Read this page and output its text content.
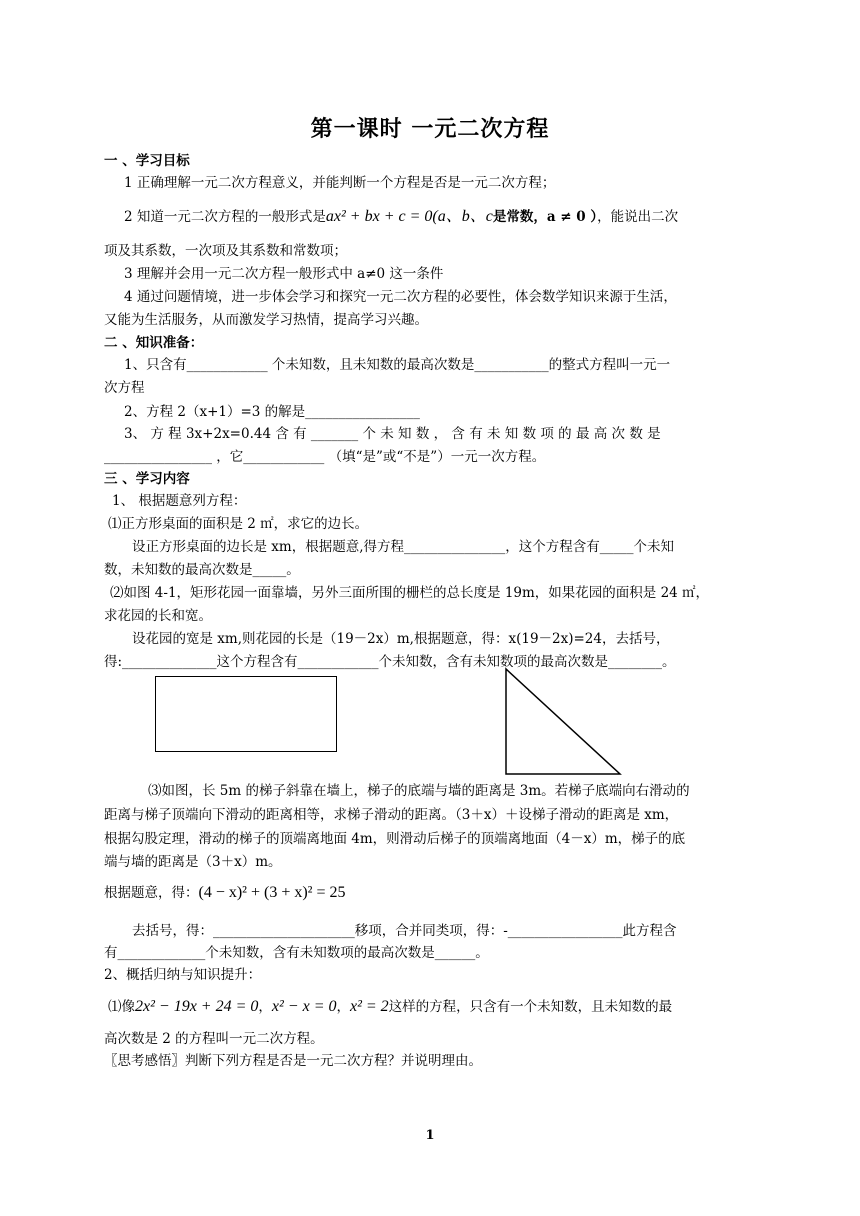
第一课时 一元二次方程
一 、学习目标
1 正确理解一元二次方程意义，并能判断一个方程是否是一元二次方程；
2 知道一元二次方程的一般形式是ax² + bx + c = 0(a、b、c是常数，a ≠ 0 ），能说出二次
项及其系数，一次项及其系数和常数项；
3 理解并会用一元二次方程一般形式中 a≠0 这一条件
4 通过问题情境，进一步体会学习和探究一元二次方程的必要性，体会数学知识来源于生活，
又能为生活服务，从而激发学习热情，提高学习兴趣。
二 、知识准备：
1、只含有____________ 个未知数，且未知数的最高次数是___________的整式方程叫一元一
次方程
2、方程 2（x+1）=3 的解是_________________
3、 方 程 3x+2x=0.44 含 有 _______ 个 未 知 数 ， 含 有 未 知 数 项 的 最 高 次 数 是
________________ ，它____________ （填“是”或“不是”）一元一次方程。
三 、学习内容
1、 根据题意列方程：
⑴正方形桌面的面积是 2 ㎡，求它的边长。
设正方形桌面的边长是 xm，根据题意,得方程_______________，这个方程含有_____个未知
数，未知数的最高次数是_____。
⑵如图 4-1，矩形花园一面靠墙，另外三面所围的栅栏的总长度是 19m，如果花园的面积是 24 ㎡，
求花园的长和宽。
设花园的宽是 xm,则花园的长是（19－2x）m,根据题意，得：x(19－2x)=24，去括号，
得:______________这个方程含有____________个未知数，含有未知数项的最高次数是________。
⑶如图，长 5m 的梯子斜靠在墙上，梯子的底端与墙的距离是 3m。若梯子底端向右滑动的
距离与梯子顶端向下滑动的距离相等，求梯子滑动的距离。（3＋x）＋设梯子滑动的距离是 xm，
根据勾股定理，滑动的梯子的顶端离地面 4m，则滑动后梯子的顶端离地面（4－x）m，梯子的底
端与墙的距离是（3＋x）m。
根据题意，得：(4 − x)² + (3 + x)² = 25
去括号，得：_____________________移项，合并同类项，得：-_________________此方程含
有_____________个未知数，含有未知数项的最高次数是______。
2、概括归纳与知识提升：
⑴像2x² − 19x + 24 = 0，x² − x = 0，x² = 2这样的方程，只含有一个未知数，且未知数的最
高次数是 2 的方程叫一元二次方程。
〖思考感悟〗判断下列方程是否是一元二次方程？并说明理由。
1
